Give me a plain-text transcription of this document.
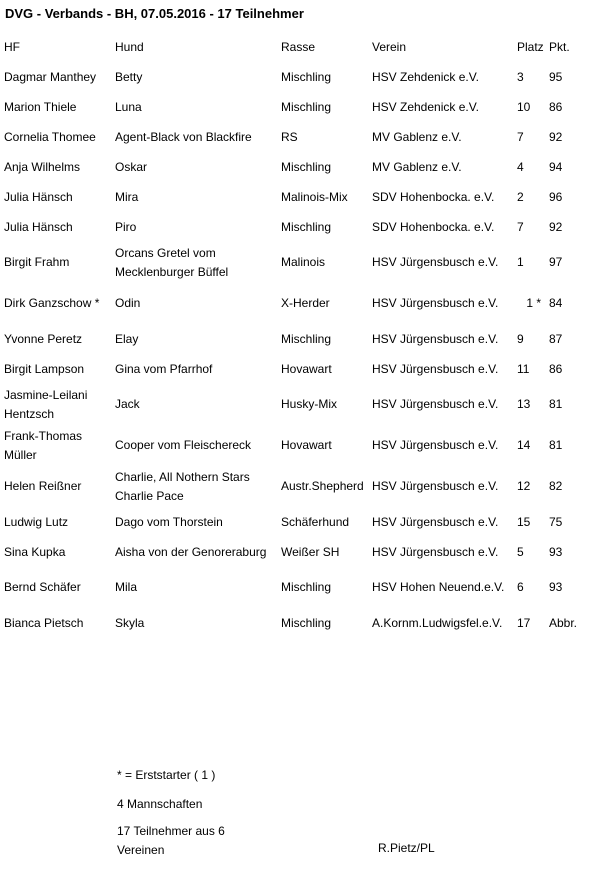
DVG - Verbands - BH, 07.05.2016 - 17 Teilnehmer
HF	Hund	Rasse	Verein	Platz	Pkt.
Dagmar Manthey	Betty	Mischling	HSV Zehdenick e.V.	3	95
Marion Thiele	Luna	Mischling	HSV Zehdenick e.V.	10	86
Cornelia Thomee	Agent-Black von Blackfire	RS	MV Gablenz e.V.	7	92
Anja Wilhelms	Oskar	Mischling	MV Gablenz e.V.	4	94
Julia Hänsch	Mira	Malinois-Mix	SDV Hohenbocka. e.V.	2	96
Julia Hänsch	Piro	Mischling	SDV Hohenbocka. e.V.	7	92
Birgit Frahm	Orcans Gretel vom Mecklenburger Büffel	Malinois	HSV Jürgensbusch e.V.	1	97
Dirk Ganzschow *	Odin	X-Herder	HSV Jürgensbusch e.V.	1 *	84
Yvonne Peretz	Elay	Mischling	HSV Jürgensbusch e.V.	9	87
Birgit Lampson	Gina vom Pfarrhof	Hovawart	HSV Jürgensbusch e.V.	11	86
Jasmine-Leilani Hentzsch	Jack	Husky-Mix	HSV Jürgensbusch e.V.	13	81
Frank-Thomas Müller	Cooper vom Fleischereck	Hovawart	HSV Jürgensbusch e.V.	14	81
Helen Reißner	Charlie, All Nothern Stars Charlie Pace	Austr.Shepherd	HSV Jürgensbusch e.V.	12	82
Ludwig Lutz	Dago vom Thorstein	Schäferhund	HSV Jürgensbusch e.V.	15	75
Sina Kupka	Aisha von der Genoreraburg	Weißer SH	HSV Jürgensbusch e.V.	5	93
Bernd Schäfer	Mila	Mischling	HSV Hohen Neuend.e.V.	6	93
Bianca Pietsch	Skyla	Mischling	A.Kornm.Ludwigsfel.e.V.	17	Abbr.
* = Erststarter ( 1 )
4 Mannschaften
17 Teilnehmer aus 6 Vereinen	R.Pietz/PL
